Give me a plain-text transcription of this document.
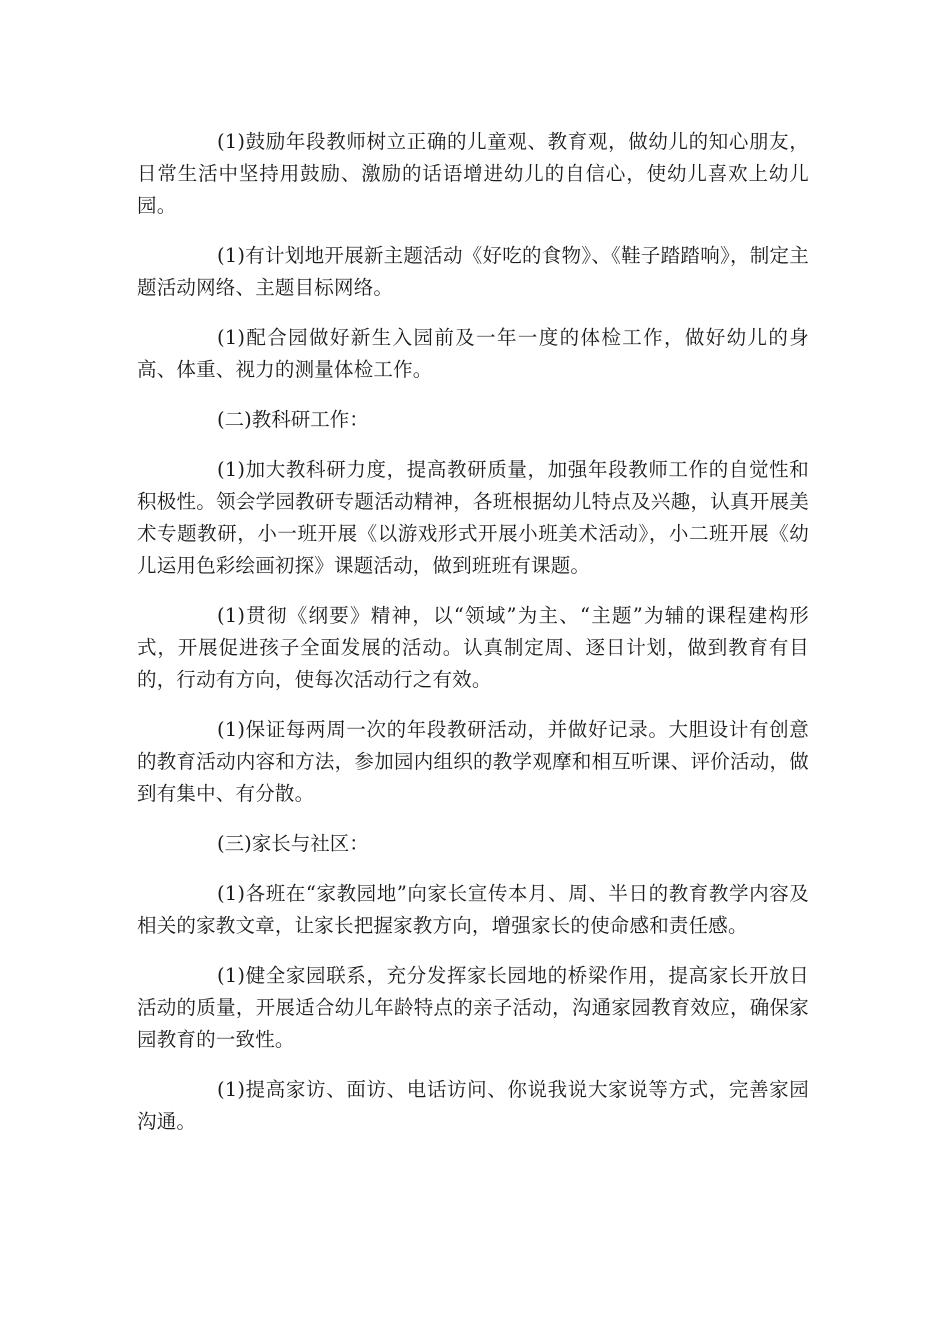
(1)鼓励年段教师树立正确的儿童观、教育观，做幼儿的知心朋友，日常生活中坚持用鼓励、激励的话语增进幼儿的自信心，使幼儿喜欢上幼儿园。

(1)有计划地开展新主题活动《好吃的食物》、《鞋子踏踏响》，制定主题活动网络、主题目标网络。

(1)配合园做好新生入园前及一年一度的体检工作，做好幼儿的身高、体重、视力的测量体检工作。

(二)教科研工作：

(1)加大教科研力度，提高教研质量，加强年段教师工作的自觉性和积极性。领会学园教研专题活动精神，各班根据幼儿特点及兴趣，认真开展美术专题教研，小一班开展《以游戏形式开展小班美术活动》，小二班开展《幼儿运用色彩绘画初探》课题活动，做到班班有课题。

(1)贯彻《纲要》精神，以“领域”为主、“主题”为辅的课程建构形式，开展促进孩子全面发展的活动。认真制定周、逐日计划，做到教育有目的，行动有方向，使每次活动行之有效。

(1)保证每两周一次的年段教研活动，并做好记录。大胆设计有创意的教育活动内容和方法，参加园内组织的教学观摩和相互听课、评价活动，做到有集中、有分散。

(三)家长与社区：

(1)各班在“家教园地”向家长宣传本月、周、半日的教育教学内容及相关的家教文章，让家长把握家教方向，增强家长的使命感和责任感。

(1)健全家园联系，充分发挥家长园地的桥梁作用，提高家长开放日活动的质量，开展适合幼儿年龄特点的亲子活动，沟通家园教育效应，确保家园教育的一致性。

(1)提高家访、面访、电话访问、你说我说大家说等方式，完善家园沟通。
